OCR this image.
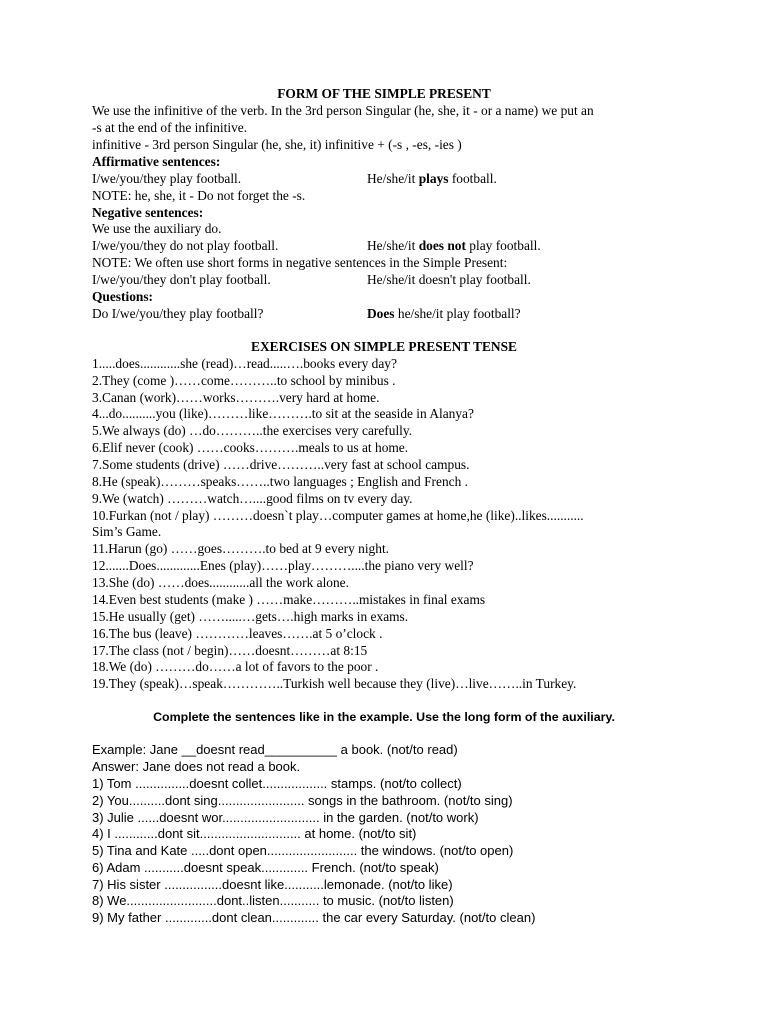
FORM OF THE SIMPLE PRESENT
We use the infinitive of the verb. In the 3rd person Singular (he, she, it - or a name) we put an
-s at the end of the infinitive.
infinitive - 3rd person Singular (he, she, it) infinitive + (-s , -es, -ies )
Affirmative sentences:
I/we/you/they play football.	He/she/it plays football.
NOTE: he, she, it - Do not forget the -s.
Negative sentences:
We use the auxiliary do.
I/we/you/they do not play football.	He/she/it does not play football.
NOTE: We often use short forms in negative sentences in the Simple Present:
I/we/you/they don't play football.	He/she/it doesn't play football.
Questions:
Do I/we/you/they play football?	Does he/she/it play football?
EXERCISES ON SIMPLE PRESENT TENSE
1.....does............she (read)…read.....….books every day?
2.They (come )……come………..to school by minibus .
3.Canan (work)……works……….very hard at home.
4...do..........you (like)………like……….to sit at the seaside in Alanya?
5.We always (do) …do………..the exercises very carefully.
6.Elif never (cook) ……cooks……….meals to us at home.
7.Some students (drive) ……drive………..very fast at school campus.
8.He (speak)………speaks……..two languages ; English and French .
9.We (watch) ………watch…....good films on tv every day.
10.Furkan (not / play) ………doesn`t play…computer games at home,he (like)..likes...........
Sim’s Game.
11.Harun (go) ……goes……….to bed at 9 every night.
12.......Does.............Enes (play)……play………....the piano very well?
13.She (do) ……does............all the work alone.
14.Even best students (make ) ……make………..mistakes in final exams
15.He usually (get) …….....…gets….high marks in exams.
16.The bus (leave) …………leaves…….at 5 o’clock .
17.The class (not / begin)……doesnt………at 8:15
18.We (do) ………do……a lot of favors to the poor .
19.They (speak)…speak…………..Turkish well because they (live)…live……..in Turkey.
Complete the sentences like in the example. Use the long form of the auxiliary.
Example: Jane __doesnt read__________ a book. (not/to read)
Answer: Jane does not read a book.
1) Tom ...............doesnt collet.................. stamps. (not/to collect)
2) You..........dont sing........................ songs in the bathroom. (not/to sing)
3) Julie ......doesnt wor........................... in the garden. (not/to work)
4) I ............dont sit............................ at home. (not/to sit)
5) Tina and Kate .....dont open......................... the windows. (not/to open)
6) Adam ...........doesnt speak............. French. (not/to speak)
7) His sister ................doesnt like...........lemonade. (not/to like)
8) We.........................dont..listen........... to music. (not/to listen)
9) My father .............dont clean............. the car every Saturday. (not/to clean)
